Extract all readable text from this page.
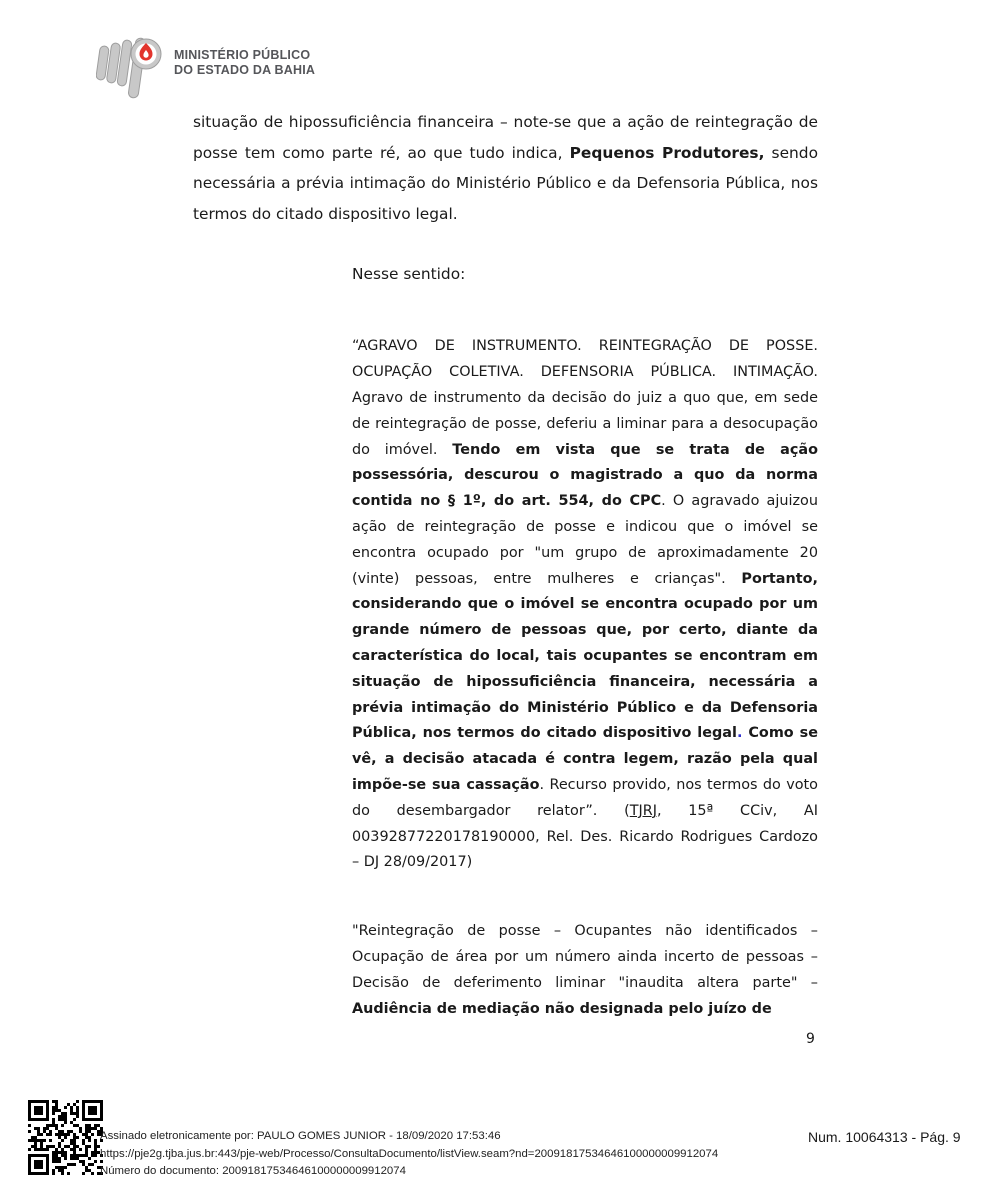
MINISTÉRIO PÚBLICO
DO ESTADO DA BAHIA

situação de hipossuficiência financeira – note-se que a ação de reintegração de posse tem como parte ré, ao que tudo indica, Pequenos Produtores, sendo necessária a prévia intimação do Ministério Público e da Defensoria Pública, nos termos do citado dispositivo legal.

Nesse sentido:

“AGRAVO DE INSTRUMENTO. REINTEGRAÇÃO DE POSSE. OCUPAÇÃO COLETIVA. DEFENSORIA PÚBLICA. INTIMAÇÃO. Agravo de instrumento da decisão do juiz a quo que, em sede de reintegração de posse, deferiu a liminar para a desocupação do imóvel. Tendo em vista que se trata de ação possessória, descurou o magistrado a quo da norma contida no § 1º, do art. 554, do CPC. O agravado ajuizou ação de reintegração de posse e indicou que o imóvel se encontra ocupado por "um grupo de aproximadamente 20 (vinte) pessoas, entre mulheres e crianças". Portanto, considerando que o imóvel se encontra ocupado por um grande número de pessoas que, por certo, diante da característica do local, tais ocupantes se encontram em situação de hipossuficiência financeira, necessária a prévia intimação do Ministério Público e da Defensoria Pública, nos termos do citado dispositivo legal. Como se vê, a decisão atacada é contra legem, razão pela qual impõe-se sua cassação. Recurso provido, nos termos do voto do desembargador relator”. (TJRJ, 15ª CCiv, AI 00392877220178190000, Rel. Des. Ricardo Rodrigues Cardozo – DJ 28/09/2017)

"Reintegração de posse – Ocupantes não identificados – Ocupação de área por um número ainda incerto de pessoas – Decisão de deferimento liminar "inaudita altera parte" – Audiência de mediação não designada pelo juízo de

9
Assinado eletronicamente por: PAULO GOMES JUNIOR - 18/09/2020 17:53:46
https://pje2g.tjba.jus.br:443/pje-web/Processo/ConsultaDocumento/listView.seam?nd=20091817534646100000009912074
Número do documento: 20091817534646100000009912074
Num. 10064313 - Pág. 9
